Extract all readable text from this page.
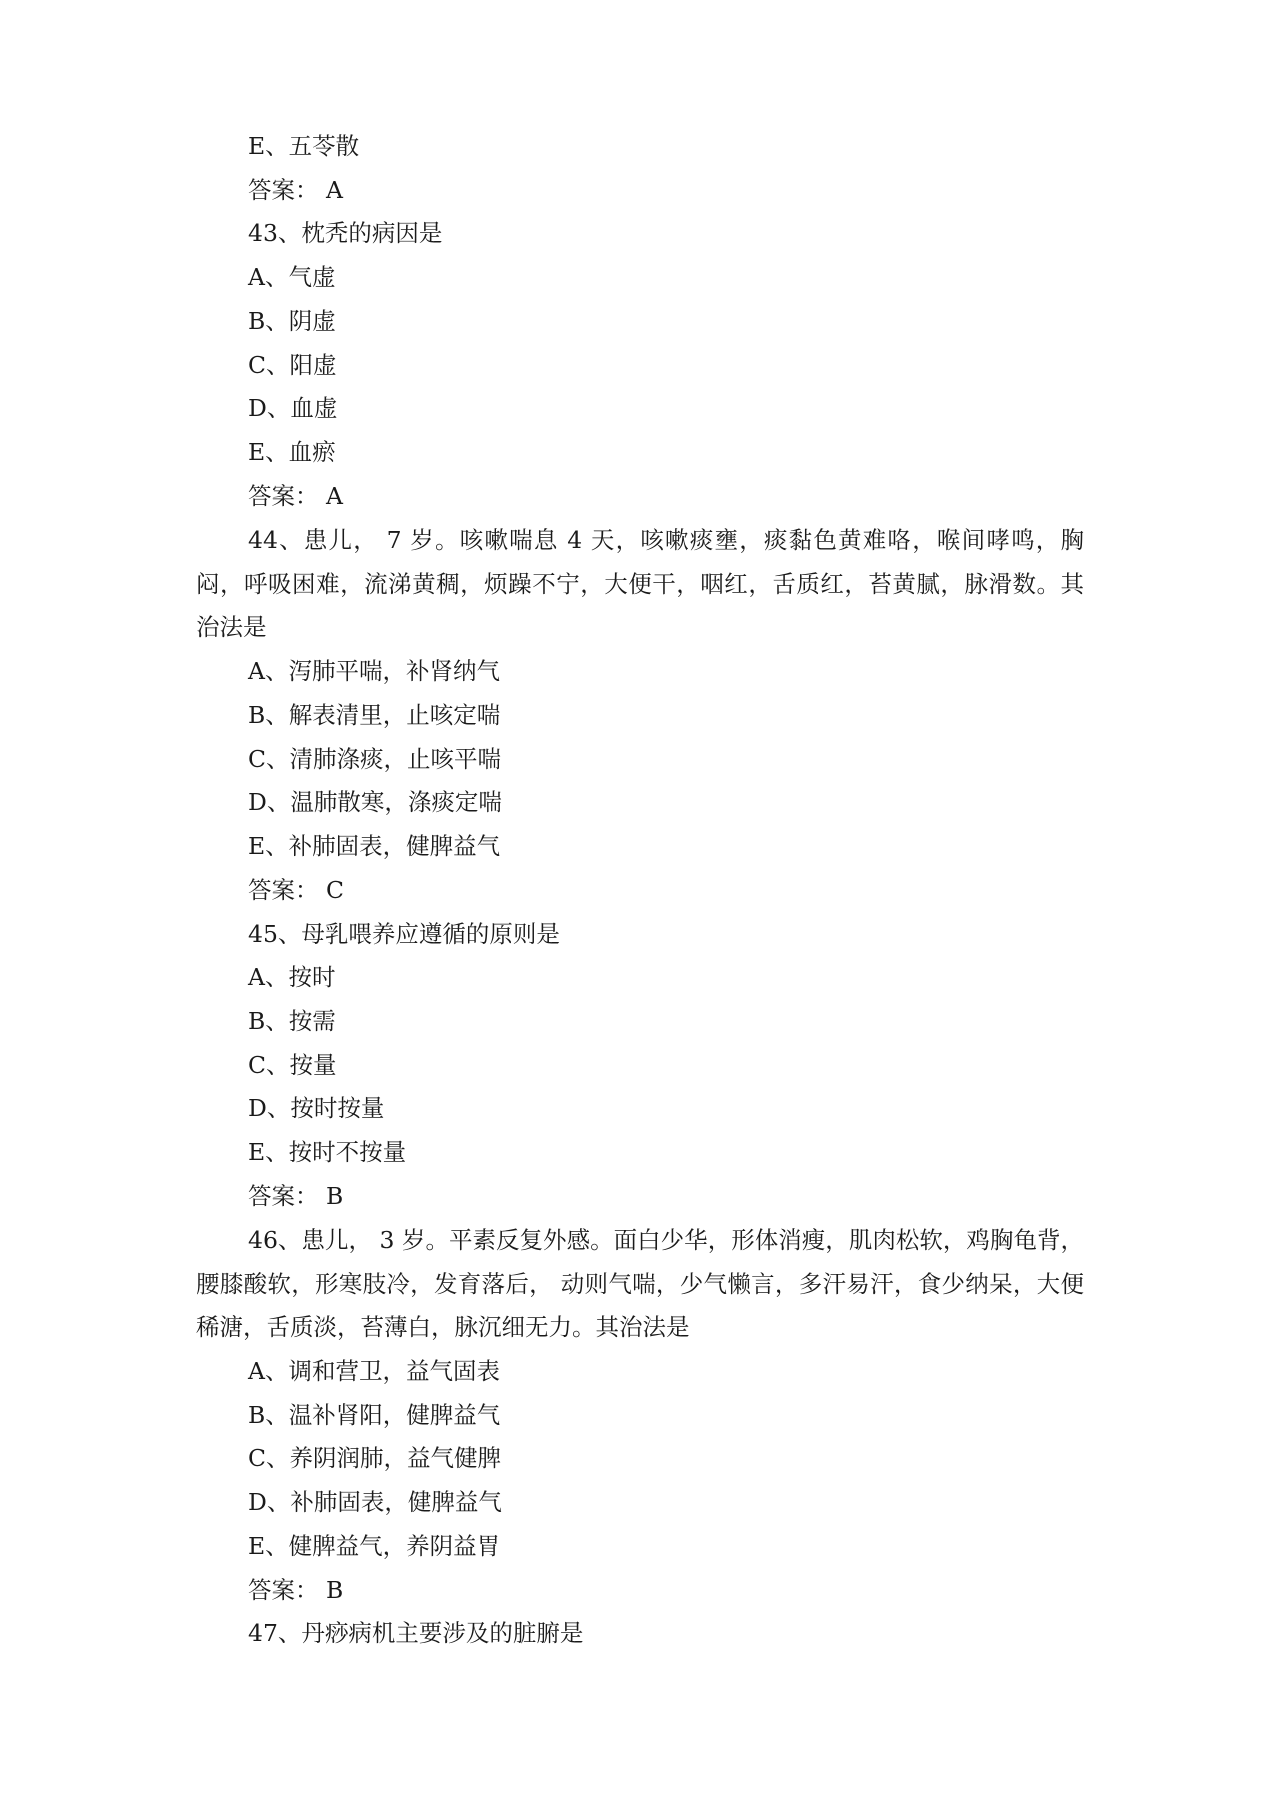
E、五苓散
答案： A
43、枕秃的病因是
A、气虚
B、阴虚
C、阳虚
D、血虚
E、血瘀
答案： A
44、患儿， 7 岁。咳嗽喘息 4 天，咳嗽痰壅，痰黏色黄难咯，喉间哮鸣，胸闷，呼吸困难，流涕黄稠，烦躁不宁，大便干，咽红，舌质红，苔黄腻，脉滑数。其治法是
A、泻肺平喘，补肾纳气
B、解表清里，止咳定喘
C、清肺涤痰，止咳平喘
D、温肺散寒，涤痰定喘
E、补肺固表，健脾益气
答案： C
45、母乳喂养应遵循的原则是
A、按时
B、按需
C、按量
D、按时按量
E、按时不按量
答案： B
46、患儿， 3 岁。平素反复外感。面白少华，形体消瘦，肌肉松软，鸡胸龟背，腰膝酸软，形寒肢冷，发育落后， 动则气喘，少气懒言，多汗易汗，食少纳呆，大便稀溏，舌质淡，苔薄白，脉沉细无力。其治法是
A、调和营卫，益气固表
B、温补肾阳，健脾益气
C、养阴润肺，益气健脾
D、补肺固表，健脾益气
E、健脾益气，养阴益胃
答案： B
47、丹痧病机主要涉及的脏腑是
